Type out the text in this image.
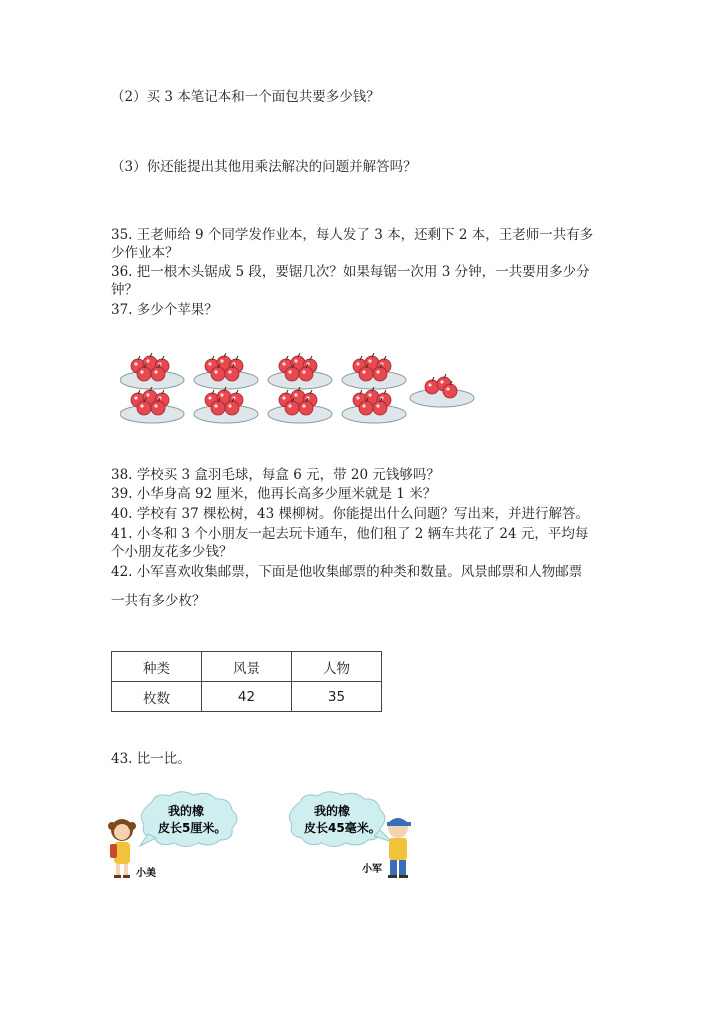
（2）买 3 本笔记本和一个面包共要多少钱？
（3）你还能提出其他用乘法解决的问题并解答吗？
35. 王老师给 9 个同学发作业本，每人发了 3 本，还剩下 2 本，王老师一共有多
少作业本？
36. 把一根木头锯成 5 段，要锯几次？如果每锯一次用 3 分钟，一共要用多少分
钟？
37. 多少个苹果？
38. 学校买 3 盒羽毛球，每盒 6 元，带 20 元钱够吗？
39. 小华身高 92 厘米，他再长高多少厘米就是 1 米？
40. 学校有 37 棵松树，43 棵柳树。你能提出什么问题？写出来，并进行解答。
41. 小冬和 3 个小朋友一起去玩卡通车，他们租了 2 辆车共花了 24 元，平均每
个小朋友花多少钱？
42. 小军喜欢收集邮票，下面是他收集邮票的种类和数量。风景邮票和人物邮票
一共有多少枚？
种类	风景	人物
枚数	42	35
43. 比一比。
我的橡
皮长5厘米。
小美
我的橡
皮长45毫米。
小军
